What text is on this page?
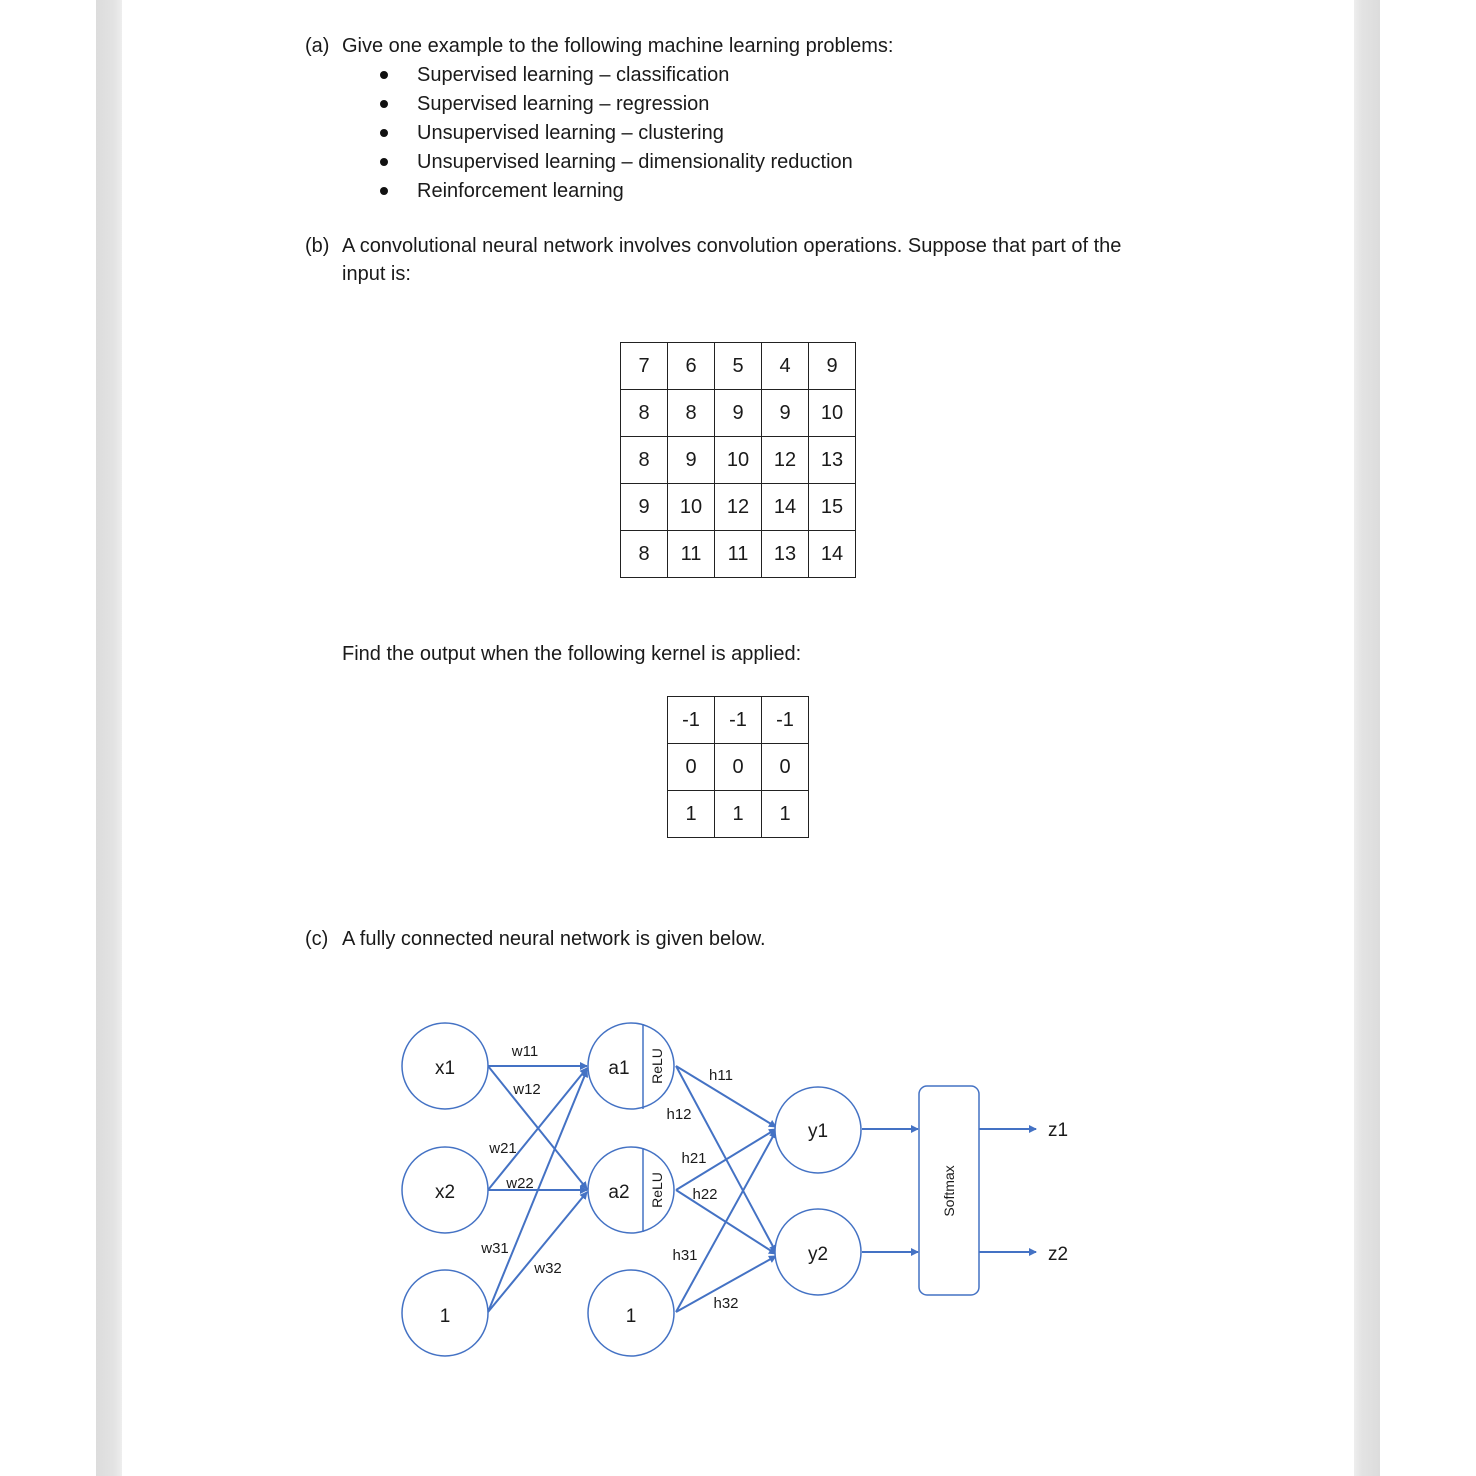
(a) Give one example to the following machine learning problems:
Supervised learning – classification
Supervised learning – regression
Unsupervised learning – clustering
Unsupervised learning – dimensionality reduction
Reinforcement learning
(b) A convolutional neural network involves convolution operations. Suppose that part of the
input is:
7	6	5	4	9
8	8	9	9	10
8	9	10	12	13
9	10	12	14	15
8	11	11	13	14
Find the output when the following kernel is applied:
-1	-1	-1
0	0	0
1	1	1
(c) A fully connected neural network is given below.
x1
x2
1
a1
a2
1
y1
y2
z1
z2
ReLU
ReLU	Softmax
w11
w12
w21
w22
w31
w32
h11
h12
h21
h22
h31
h32
